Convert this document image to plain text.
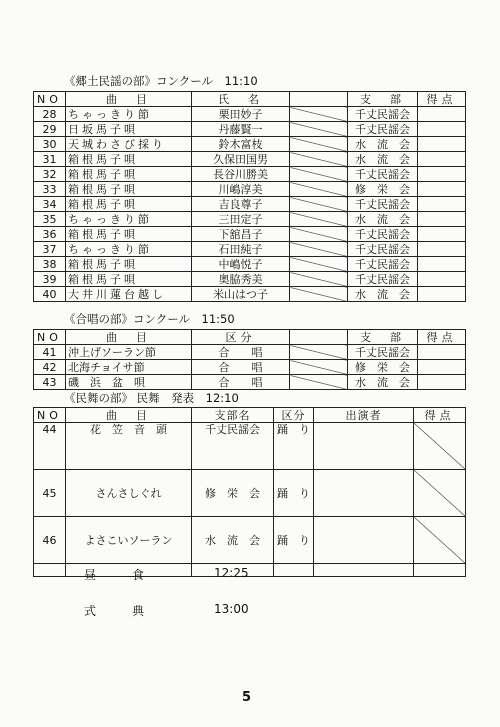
《郷土民謡の部》コンクール　11:10
NO	曲　目	氏　名		支　部	得点
28	ちゃっきり節	栗田妙子		千丈民謡会	
29	日坂馬子唄	丹藤賢一		千丈民謡会	
30	天城わさび採り	鈴木富枝		水　流　会	
31	箱根馬子唄	久保田国男		水　流　会	
32	箱根馬子唄	長谷川勝美		千丈民謡会	
33	箱根馬子唄	川嶋淳美		修　栄　会	
34	箱根馬子唄	吉良尊子		千丈民謡会	
35	ちゃっきり節	三田定子		水　流　会	
36	箱根馬子唄	下舘昌子		千丈民謡会	
37	ちゃっきり節	石田純子		千丈民謡会	
38	箱根馬子唄	中嶋悦子		千丈民謡会	
39	箱根馬子唄	奥脇秀美		千丈民謡会	
40	大井川蓮台越し	米山はつ子		水　流　会	
《合唱の部》コンクール　11:50
NO	曲　目	区分		支　部	得点
41	沖上げソーラン節	合　　唱		千丈民謡会	
42	北海チョイサ節	合　　唱		修　栄　会	
43	磯　浜　盆　唄	合　　唱		水　流　会	
《民舞の部》 民舞　発表　12:10
NO	曲　目	支部名	区分	出演者	得点
44	花　笠　音　頭	千丈民謡会	踊　り		
45	さんさしぐれ	修　栄　会	踊　り		
46	よさこいソーラン	水　流　会	踊　り		

昼　　　食	12:25
式　　　典	13:00
5
